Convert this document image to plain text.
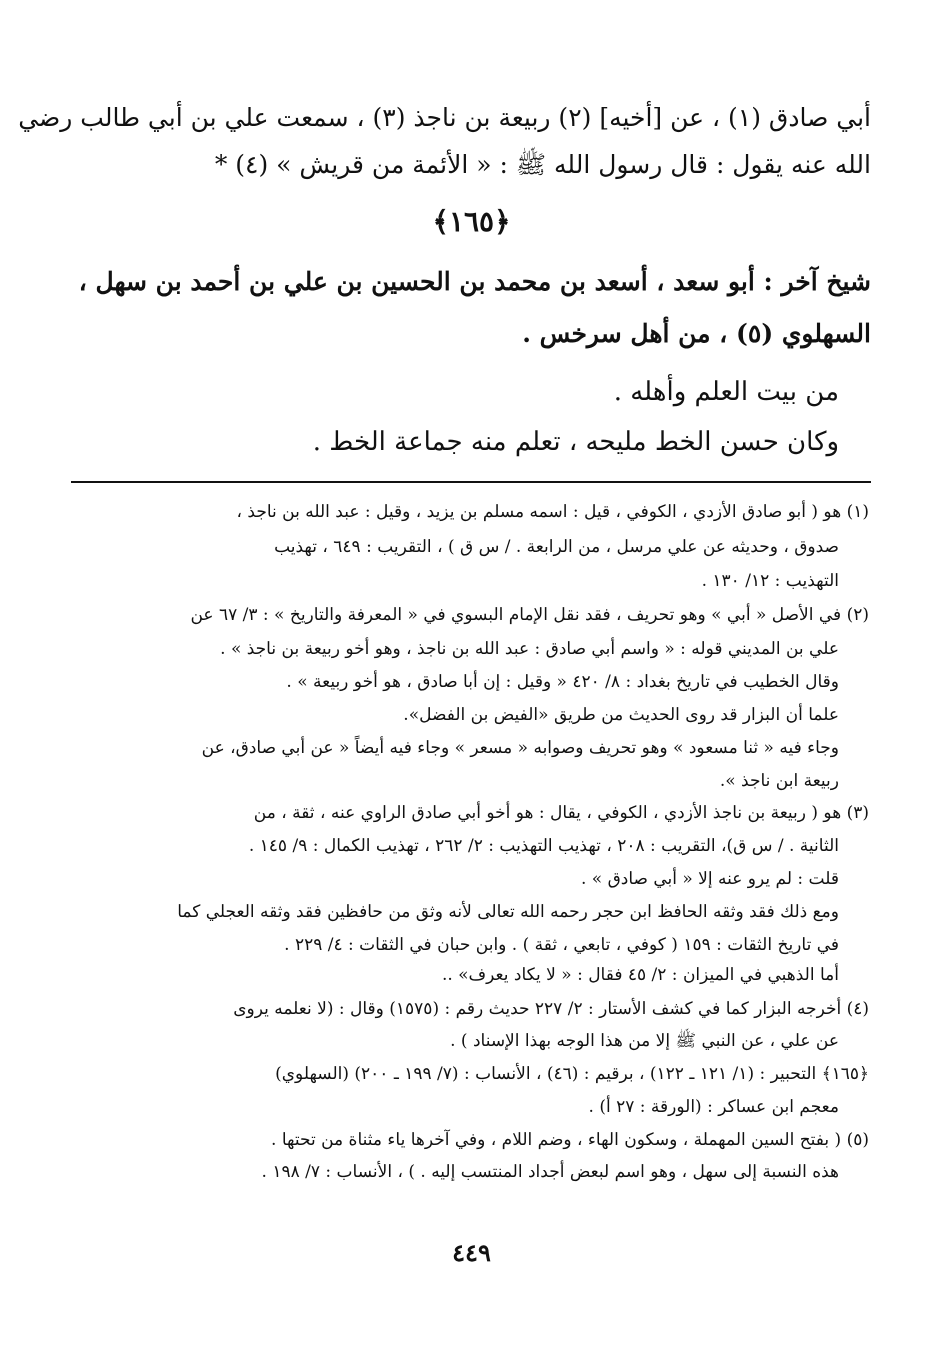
أبي صادق (١) ، عن [أخيه] (٢) ربيعة بن ناجذ (٣) ، سمعت علي بن أبي طالب رضي
الله عنه يقول : قال رسول الله ﷺ : « الأئمة من قريش » (٤) *
﴿١٦٥﴾
شيخ آخر : أبو سعد ، أسعد بن محمد بن الحسين بن علي بن أحمد بن سهل ،
السهلوي (٥) ، من أهل سرخس .
من بيت العلم وأهله .
وكان حسن الخط مليحه ، تعلم منه جماعة الخط .
(١) هو ( أبو صادق الأزدي ، الكوفي ، قيل : اسمه مسلم بن يزيد ، وقيل : عبد الله بن ناجذ ،
صدوق ، وحديثه عن علي مرسل ، من الرابعة . / س ق ) ، التقريب : ٦٤٩ ، تهذيب
التهذيب : ١٢/ ١٣٠ .
(٢) في الأصل « أبي » وهو تحريف ، فقد نقل الإمام البسوي في « المعرفة والتاريخ » : ٣/ ٦٧ عن
علي بن المديني قوله : « واسم أبي صادق : عبد الله بن ناجذ ، وهو أخو ربيعة بن ناجذ » .
وقال الخطيب في تاريخ بغداد : ٨/ ٤٢٠ « وقيل : إن أبا صادق ، هو أخو ربيعة » .
علما أن البزار قد روى الحديث من طريق «الفيض بن الفضل».
وجاء فيه « ثنا مسعود » وهو تحريف وصوابه « مسعر » وجاء فيه أيضاً « عن أبي صادق، عن
ربيعة ابن ناجذ ».
(٣) هو ( ربيعة بن ناجذ الأزدي ، الكوفي ، يقال : هو أخو أبي صادق الراوي عنه ، ثقة ، من
الثانية . / س ق)، التقريب : ٢٠٨ ، تهذيب التهذيب : ٢/ ٢٦٢ ، تهذيب الكمال : ٩/ ١٤٥ .
قلت : لم يرو عنه إلا « أبي صادق » .
ومع ذلك فقد وثقه الحافظ ابن حجر رحمه الله تعالى لأنه وثق من حافظين فقد وثقه العجلي كما
في تاريخ الثقات : ١٥٩ ( كوفي ، تابعي ، ثقة ) . وابن حبان في الثقات : ٤/ ٢٢٩ .
أما الذهبي في الميزان : ٢/ ٤٥ فقال : « لا يكاد يعرف» ..
(٤) أخرجه البزار كما في كشف الأستار : ٢/ ٢٢٧ حديث رقم : (١٥٧٥) وقال : (لا نعلمه يروى
عن علي ، عن النبي ﷺ إلا من هذا الوجه بهذا الإسناد ) .
﴿١٦٥﴾ التحبير : (١/ ١٢١ ـ ١٢٢) ، برقيم : (٤٦) ، الأنساب : (٧/ ١٩٩ ـ ٢٠٠) (السهلوي)
معجم ابن عساكر : (الورقة : ٢٧ أ) .
(٥) ( بفتح السين المهملة ، وسكون الهاء ، وضم اللام ، وفي آخرها ياء مثناة من تحتها .
هذه النسبة إلى سهل ، وهو اسم لبعض أجداد المنتسب إليه . ) ، الأنساب : ٧/ ١٩٨ .
٤٤٩
